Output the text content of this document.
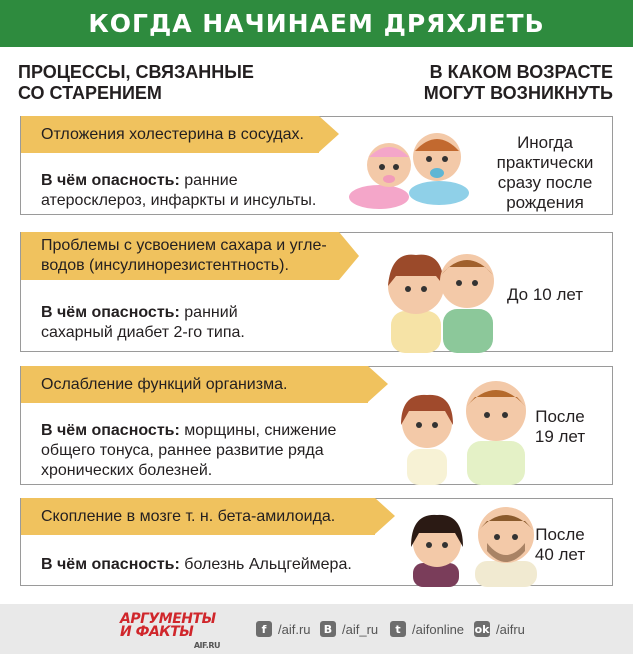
КОГДА НАЧИНАЕМ ДРЯХЛЕТЬ
ПРОЦЕССЫ, СВЯЗАННЫЕ
СО СТАРЕНИЕМ
В КАКОМ ВОЗРАСТЕ
МОГУТ ВОЗНИКНУТЬ
Отложения холестерина в сосудах.
В чём опасность: ранние
атеросклероз, инфаркты и инсульты.
Иногда
практически
сразу после
рождения
Проблемы с усвоением сахара и угле-
водов (инсулинорезистентность).
В чём опасность: ранний
сахарный диабет 2-го типа.
До 10 лет
Ослабление функций организма.
В чём опасность: морщины, снижение
общего тонуса, раннее развитие ряда
хронических болезней.
После
19 лет
Скопление в мозге т. н. бета-амилоида.
В чём опасность: болезнь Альцгеймера.
После
40 лет
АРГУМЕНТЫ
И ФАКТЫ
AIF.RU
f /aif.ru	В /aif_ru	t /aifonline ok /aifru
